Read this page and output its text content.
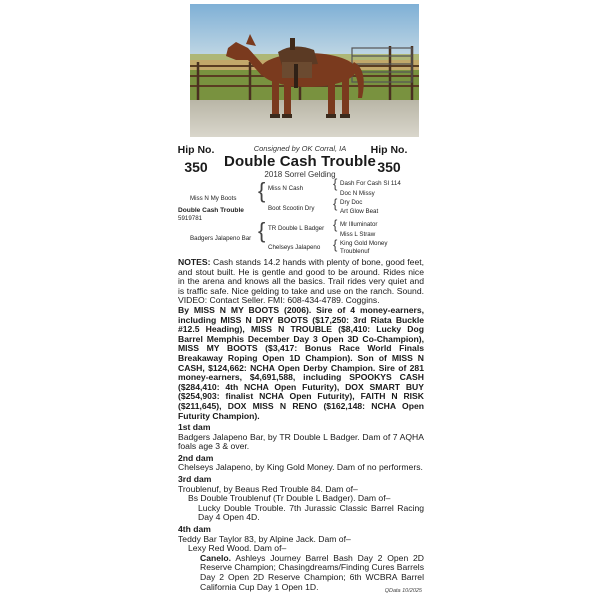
Hip No.
350
Hip No.
350
Consigned by OK Corral, IA
Double Cash Trouble
2018 Sorrel Gelding
Miss N My Boots { Miss N Cash
Boot Scootin Dry
{ Dash For Cash SI 114
Doc N Missy
{ Dry Doc
Art Glow Beat
Double Cash Trouble
5919781
Badgers Jalapeno Bar { TR Double L Badger
Chelseys Jalapeno
{ Mr Illuminator
Miss L Straw
{ King Gold Money
Troublenuf

NOTES: Cash stands 14.2 hands with plenty of bone, good feet, and stout built. He is gentle and good to be around. Rides nice in the arena and knows all the basics. Trail rides very quiet and is traffic safe. Nice gelding to take and use on the ranch. Sound. VIDEO: Contact Seller. FMI: 608-434-4789. Coggins.

By MISS N MY BOOTS (2006). Sire of 4 money-earners, including MISS N DRY BOOTS ($17,250: 3rd Riata Buckle #12.5 Heading), MISS N TROUBLE ($8,410: Lucky Dog Barrel Memphis December Day 3 Open 3D Co-Champion), MISS MY BOOTS ($3,417: Bonus Race World Finals Breakaway Roping Open 1D Champion). Son of MISS N CASH, $124,662: NCHA Open Derby Champion. Sire of 281 money-earners, $4,691,588, including SPOOKYS CASH ($284,410: 4th NCHA Open Futurity), DOX SMART BUY ($254,903: finalist NCHA Open Futurity), FAITH N RISK ($211,645), DOX MISS N RENO ($162,148: NCHA Open Futurity Champion).

1st dam

Badgers Jalapeno Bar, by TR Double L Badger. Dam of 7 AQHA foals age 3 & over.

2nd dam

Chelseys Jalapeno, by King Gold Money. Dam of no performers.

3rd dam

Troublenuf, by Beaus Red Trouble 84. Dam of–

Bs Double Troublenuf (Tr Double L Badger). Dam of–

Lucky Double Trouble. 7th Jurassic Classic Barrel Racing Day 4 Open 4D.

4th dam

Teddy Bar Taylor 83, by Alpine Jack. Dam of–

Lexy Red Wood. Dam of–

Canelo. Ashleys Journey Barrel Bash Day 2 Open 2D Reserve Champion; Chasingdreams/Finding Cures Barrels Day 2 Open 2D Reserve Champion; 6th WCBRA Barrel California Cup Day 1 Open 1D.	QData 10/2025
